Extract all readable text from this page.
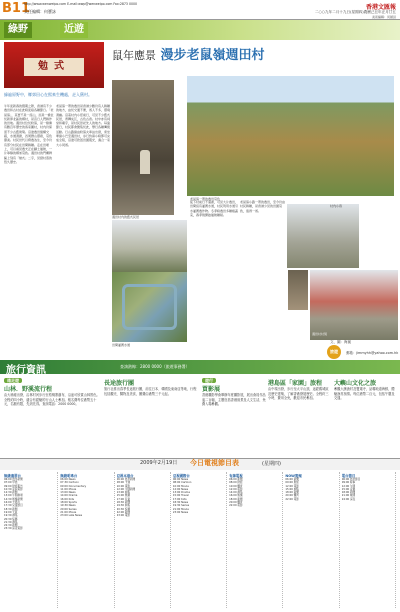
B11
http://www.wenweipo.com E-mail:wwp@wenweipo.com Fax:2873 0000
責任編輯：何寶詠
香港文匯報
二○○九年二月十九日(星期四)農曆己丑年正月廿五
美術編輯：何穎詩
綠野	近遊
勉式
鼠年應景 漫步老鼠嶺週田村
老鼠嶺一帶的農田景色
週田村內的舊式民居
田間灌溉水道
村內小巷
週田村村貌
綠遍原野中，鄉郊田心在熙來生機處，走入舊村。
牛年迎新春的假期之際，香港有不少農田和古村在此時迎接各種節日。「老鼠嶺」，其實不是一座山，而是一條位於新界北區的鄉村，是昔日人們耕作的田地。週田村位於粉嶺，是一條擁有數百年歷史的客家圍村，村內仍保留不少古舊建築。沿途農田縱橫交錯，水道清澈，四周群山環抱，景色優美。村民世代以務農為生，至今仍有部分村民在田間耕種。走在田埂上，可以看見農夫正在翻土插秧，一片寧靜的鄉郊景致。週田村的門樓牌匾上刻有「勉式」二字，見證村落的悠久歷史。
老鼠嶺一帶的農田是香港少數仍有人耕種的地方，由於交通不便，遊人不多，環境清幽。沿着村內小徑前行，可見不少舊式民居，青磚灰瓦，古色古香。村中亦有祠堂和廟宇，是村民祭祀先人的地方。每逢節日，村民都會聚集於此，舉行各種傳統活動。行山路線由粉嶺火車站出發，乘坐專線小巴至週田村，步行約兩小時即可完成全程，沿途可欣賞田園風光，適合一家大小同遊。
從下村前行不遠處，可見大片農田，田間設有灌溉水道，村民利用水道引水灌溉農作物。冬季時農田多種植蔬菜，春季則開始插秧種稻。
老鼠嶺小路一帶的農田，至今仍由村民耕種，是香港少見的田園景致，值得一遊。
文、圖：海嵐
旅遊	郵箱：jimmyhh@yahoo.com.hk
旅行資訊	查詢熱線：2800 0000（旅遊事務署）
遠足遊
山林．野溪流行程
由大埔墟出發，沿林村河步行至梧桐寨瀑布，沿途可欣賞山林景色。全程約四小時，適合有經驗的行山人士參加。報名費每位港幣五十元，名額有限，先到先得。查詢電話：2000 0000。
長途旅行團
旅行社推出春季長途旅行團，前往日本、韓國及東南亞等地，行程包括觀光、購物及美食，團費由港幣三千元起。
遊行
買影展
香港攝影學會舉辦年度攝影展，展出會員作品逾二百幅，主題包括香港風景及人文生活，免費入場參觀。
港島區「家園」旅程
由中環出發，步行至太平山頂，途經舊城區及歷史建築，了解香港發展歷史。全程約三小時，費用全免，歡迎市民參加。
大嶼山文化之旅
參觀大澳漁村及寶蓮寺，品嚐地道海鮮，體驗漁村風情。每位港幣二百元，包括午膳及交通。
2009年2月19日 今日電視節目表	(星期四)
無綫翡翠台
06:00 晨早新聞
07:00 早晨
09:00 財經報告
10:30 家庭電影
12:30 新聞
13:00 午間劇場
14:30 娛樂新聞
16:00 卡通片
17:30 兒童節目
18:30 新聞
19:00 天氣
19:30 劇集
20:30 綜藝
21:30 劇集
22:30 新聞
23:30 深夜電影
無綫明珠台
06:00 News
07:30 Cartoon
09:00 Documentary
11:00 Movie
13:00 News
14:00 Drama
16:00 Kids
18:00 Sports
19:30 News
20:00 Series
21:00 Movie
23:00 Late News
亞視本港台
06:00 晨早新聞
08:00 卡通
10:00 電影
12:00 午間新聞
13:00 劇集
15:00 娛樂
17:00 兒童
18:30 新聞
19:30 劇集
20:30 綜藝
22:00 新聞
23:00 電影
亞視國際台
06:00 News
08:00 Cartoon
10:00 Movie
12:00 News
13:00 Drama
15:00 Travel
17:00 Kids
18:30 News
19:30 Series
21:00 Movie
23:00 News
有線電視
06:00 新聞
08:00 財經
10:00 體育
12:00 電影
14:00 劇集
16:00 娛樂
18:00 新聞
20:00 體育
22:00 電影
NOW寬頻
06:00 新聞
09:00 財經
12:00 電影
15:00 劇集
18:00 新聞
20:00 體育
22:00 電影
電台節目
06:00 晨早節目
09:00 時事
12:00 午間
15:00 音樂
18:00 新聞
21:00 晚間
24:00 深夜
